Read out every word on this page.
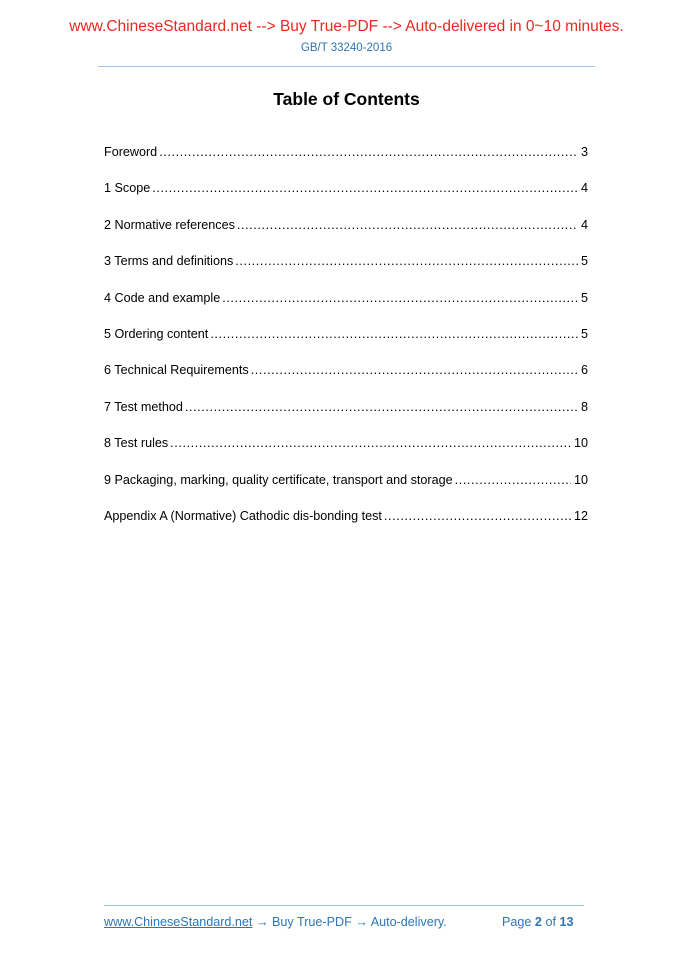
www.ChineseStandard.net --> Buy True-PDF --> Auto-delivered in 0~10 minutes.
GB/T 33240-2016
Table of Contents
Foreword .....	3
1 Scope .....	4
2 Normative references .....	4
3 Terms and definitions .....	5
4 Code and example .....	5
5 Ordering content .....	5
6 Technical Requirements .....	6
7 Test method .....	8
8 Test rules .....	10
9 Packaging, marking, quality certificate, transport and storage .....	10
Appendix A (Normative) Cathodic dis-bonding test .....	12
www.ChineseStandard.net → Buy True-PDF → Auto-delivery.	Page 2 of 13
